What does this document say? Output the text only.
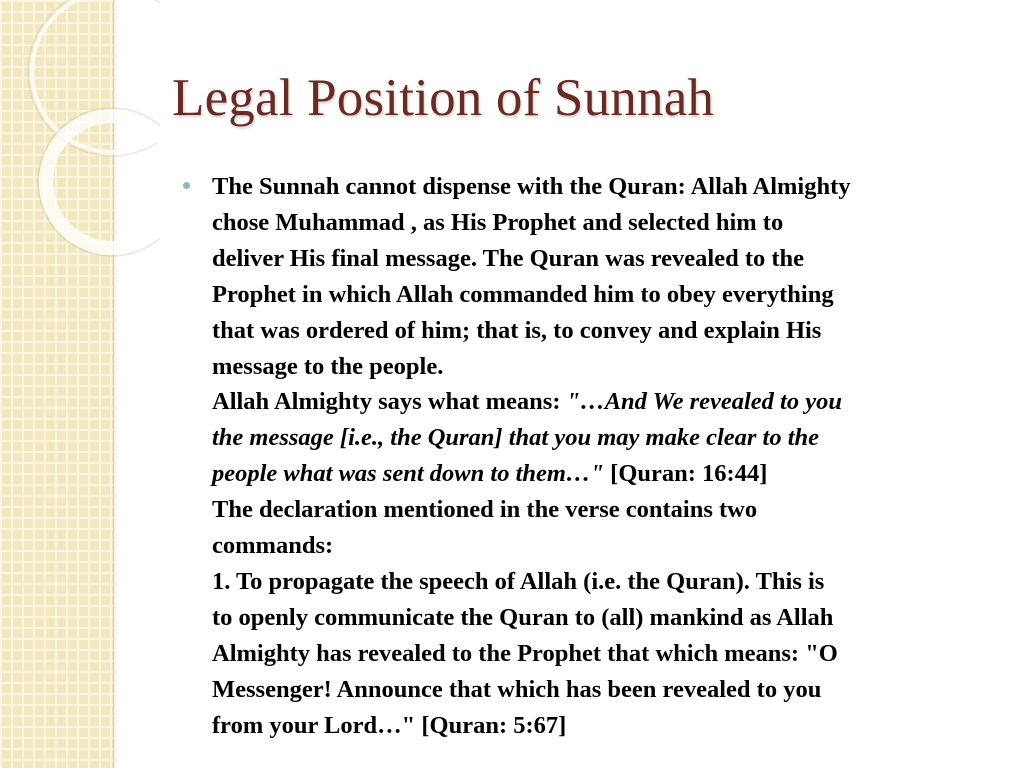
Legal Position of Sunnah
The Sunnah cannot dispense with the Quran: Allah Almighty
chose Muhammad , as His Prophet and selected him to
deliver His final message. The Quran was revealed to the
Prophet in which Allah commanded him to obey everything
that was ordered of him; that is, to convey and explain His
message to the people.
Allah Almighty says what means: "…And We revealed to you
the message [i.e., the Quran] that you may make clear to the
people what was sent down to them…" [Quran: 16:44]
The declaration mentioned in the verse contains two
commands:
1. To propagate the speech of Allah (i.e. the Quran). This is
to openly communicate the Quran to (all) mankind as Allah
Almighty has revealed to the Prophet that which means: "O
Messenger! Announce that which has been revealed to you
from your Lord…" [Quran: 5:67]
